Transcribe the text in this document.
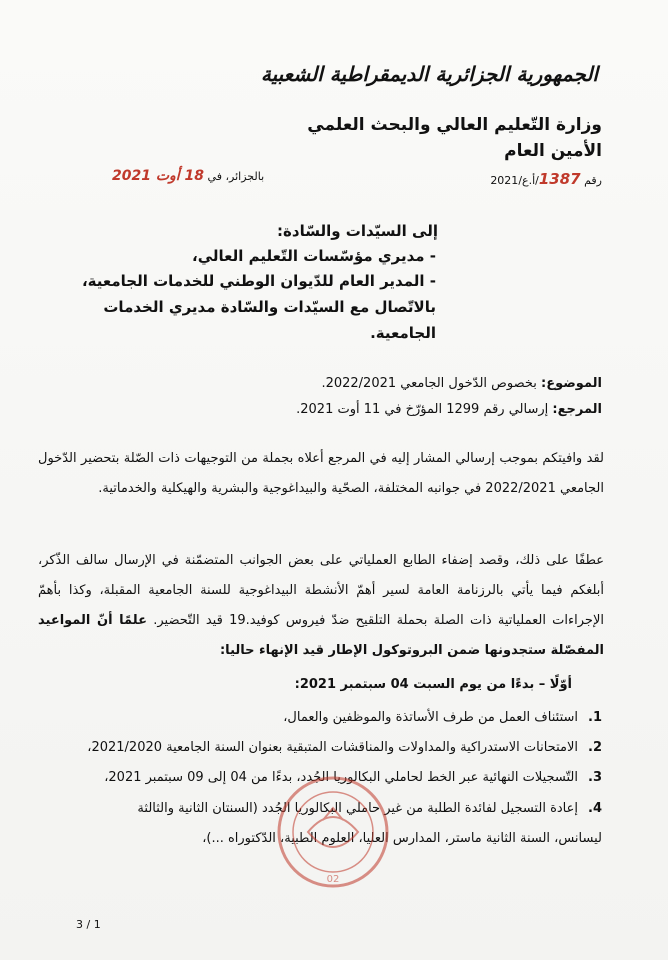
الجمهورية الجزائرية الديمقراطية الشعبية
وزارة التّعليم العالي والبحث العلمي
الأمين العام
رقم 1387/أ.ع/2021
بالجزائر، في 18 أوت 2021
إلى السيّدات والسّادة:
- مديري مؤسّسات التّعليم العالي،
- المدير العام للدّيوان الوطني للخدمات الجامعية،
بالاتّصال مع السيّدات والسّادة مديري الخدمات
الجامعية.
الموضوع: بخصوص الدّخول الجامعي 2022/2021.
المرجع: إرسالي رقم 1299 المؤرّخ في 11 أوت 2021.
لقد وافيتكم بموجب إرسالي المشار إليه في المرجع أعلاه بجملة من التوجيهات ذات الصّلة بتحضير الدّخول الجامعي 2022/2021 في جوانبه المختلفة، الصحّية والبيداغوجية والبشرية والهيكلية والخدماتية.
عطفًا على ذلك، وقصد إضفاء الطابع العملياتي على بعض الجوانب المتضمّنة في الإرسال سالف الذّكر، أبلغكم فيما يأتي بالرزنامة العامة لسير أهمّ الأنشطة البيداغوجية للسنة الجامعية المقبلة، وكذا بأهمّ الإجراءات العملياتية ذات الصلة بحملة التلقيح ضدّ فيروس كوفيد.19 قيد التّحضير. علمًا أنّ المواعيد المفصّلة ستجدونها ضمن البروتوكول الإطار قيد الإنهاء حاليا:
أوّلًا – بدءًا من يوم السبت 04 سبتمبر 2021:
1.استئناف العمل من طرف الأساتذة والموظفين والعمال،
2.الامتحانات الاستدراكية والمداولات والمناقشات المتبقية بعنوان السنة الجامعية 2021/2020،
3.التّسجيلات النهائية عبر الخط لحاملي البكالوريا الجُدد، بدءًا من 04 إلى 09 سبتمبر 2021،
4.إعادة التسجيل لفائدة الطلبة من غير حاملي البكالوريا الجُدد (السنتان الثانية والثالثة
ليسانس، السنة الثانية ماستر، المدارس العليا، العلوم الطبية، الدّكتوراه ...)،
02
3 / 1
